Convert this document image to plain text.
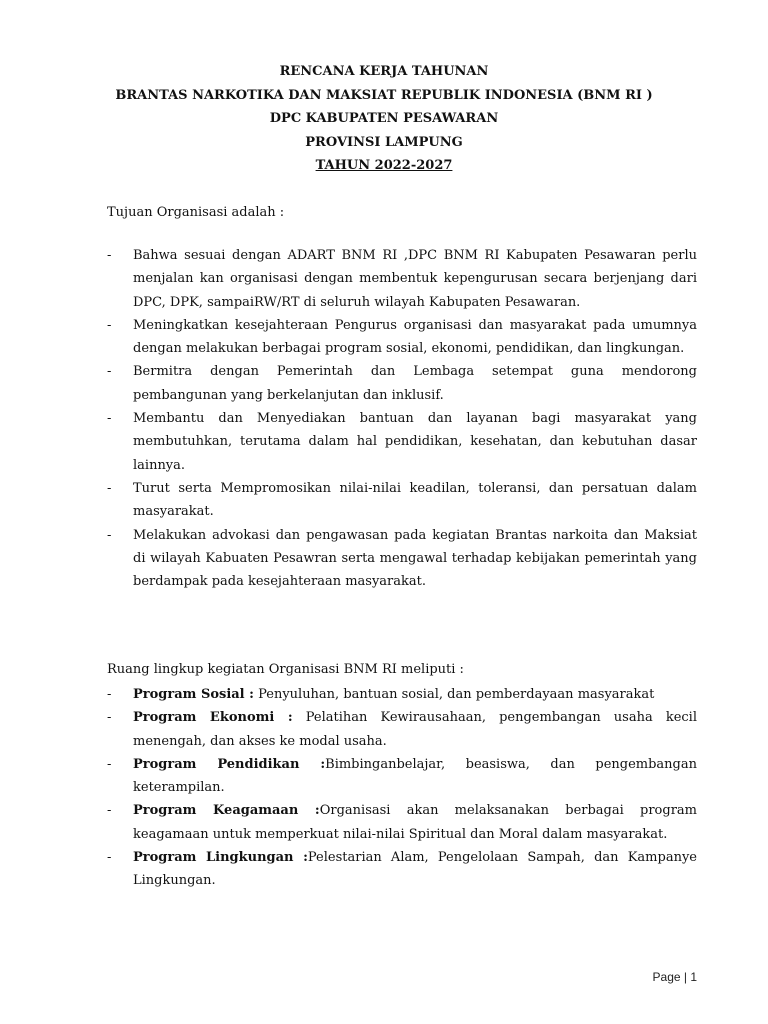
RENCANA KERJA TAHUNAN
BRANTAS NARKOTIKA DAN MAKSIAT REPUBLIK INDONESIA (BNM RI )
DPC KABUPATEN PESAWARAN
PROVINSI LAMPUNG
TAHUN 2022-2027
Tujuan Organisasi adalah :
- Bahwa sesuai dengan ADART BNM RI ,DPC BNM RI Kabupaten Pesawaran perlu menjalan kan organisasi dengan membentuk kepengurusan secara berjenjang dari DPC, DPK, sampaiRW/RT di seluruh wilayah Kabupaten Pesawaran.
- Meningkatkan kesejahteraan Pengurus organisasi dan masyarakat pada umumnya dengan melakukan berbagai program sosial, ekonomi, pendidikan, dan lingkungan.
- Bermitra dengan Pemerintah dan Lembaga setempat guna mendorong pembangunan yang berkelanjutan dan inklusif.
- Membantu dan Menyediakan bantuan dan layanan bagi masyarakat yang membutuhkan, terutama dalam hal pendidikan, kesehatan, dan kebutuhan dasar lainnya.
- Turut serta Mempromosikan nilai-nilai keadilan, toleransi, dan persatuan dalam masyarakat.
- Melakukan advokasi dan pengawasan pada kegiatan Brantas narkoita dan Maksiat di wilayah Kabuaten Pesawran serta mengawal terhadap kebijakan pemerintah yang berdampak pada kesejahteraan masyarakat.
Ruang lingkup kegiatan Organisasi BNM RI meliputi :
- Program Sosial : Penyuluhan, bantuan sosial, dan pemberdayaan masyarakat
- Program Ekonomi : Pelatihan Kewirausahaan, pengembangan usaha kecil menengah, dan akses ke modal usaha.
- Program Pendidikan :Bimbinganbelajar, beasiswa, dan pengembangan keterampilan.
- Program Keagamaan :Organisasi akan melaksanakan berbagai program keagamaan untuk memperkuat nilai-nilai Spiritual dan Moral dalam masyarakat.
- Program Lingkungan :Pelestarian Alam, Pengelolaan Sampah, dan Kampanye Lingkungan.
Page | 1
